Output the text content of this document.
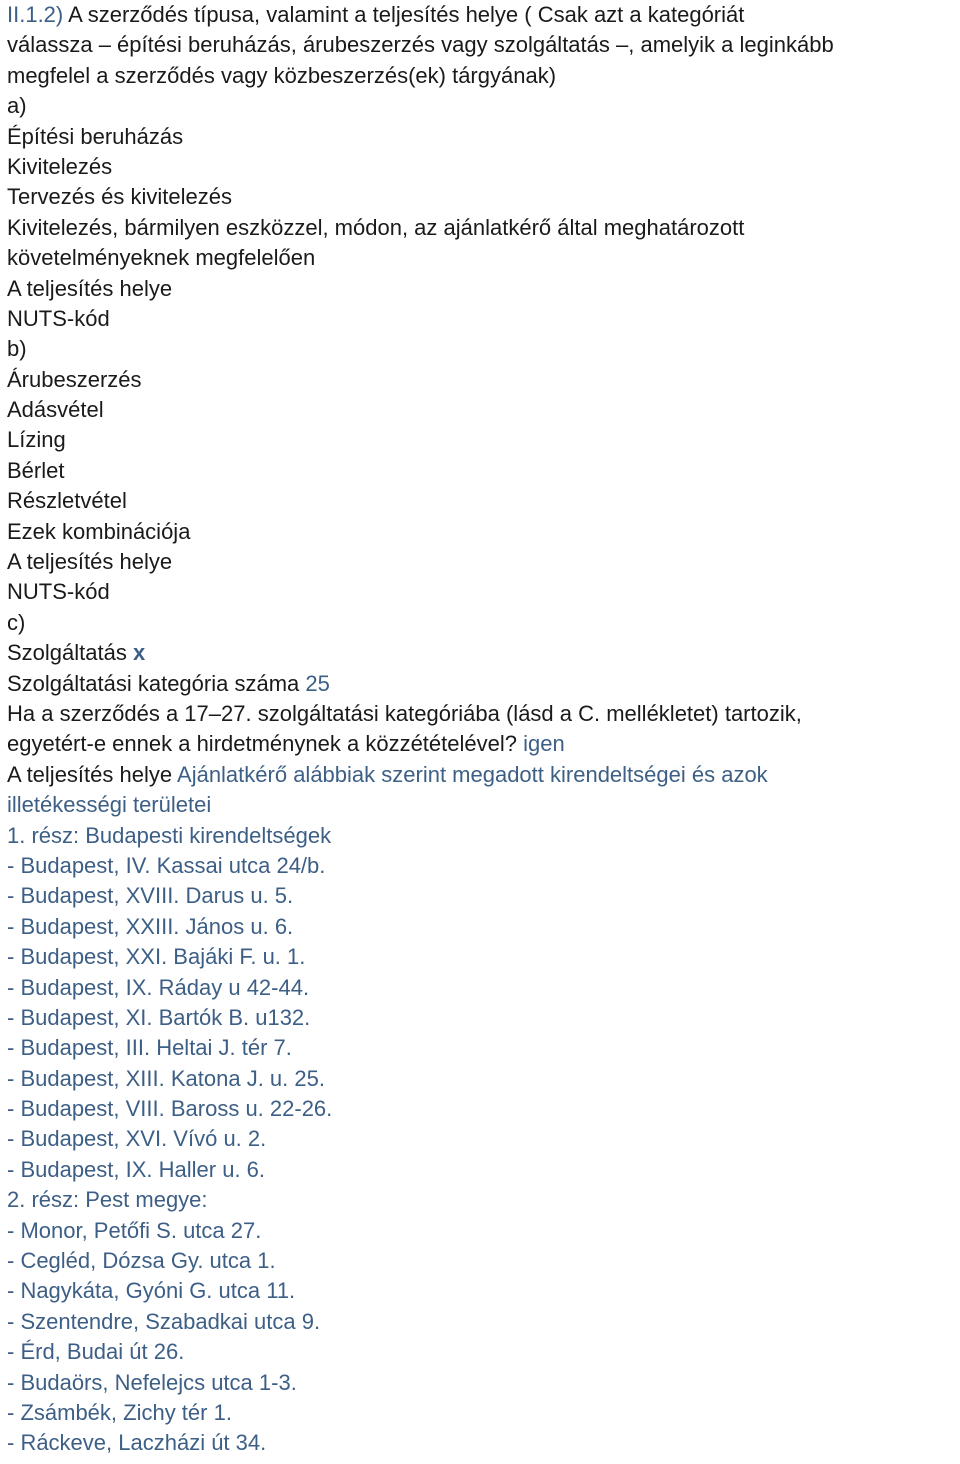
II.1.2) A szerződés típusa, valamint a teljesítés helye ( Csak azt a kategóriát
válassza – építési beruházás, árubeszerzés vagy szolgáltatás –, amelyik a leginkább
megfelel a szerződés vagy közbeszerzés(ek) tárgyának)
a)
Építési beruházás
Kivitelezés
Tervezés és kivitelezés
Kivitelezés, bármilyen eszközzel, módon, az ajánlatkérő által meghatározott
követelményeknek megfelelően
A teljesítés helye
NUTS-kód
b)
Árubeszerzés
Adásvétel
Lízing
Bérlet
Részletvétel
Ezek kombinációja
A teljesítés helye
NUTS-kód
c)
Szolgáltatás x
Szolgáltatási kategória száma 25
Ha a szerződés a 17–27. szolgáltatási kategóriába (lásd a C. mellékletet) tartozik,
egyetért-e ennek a hirdetménynek a közzétételével? igen
A teljesítés helye Ajánlatkérő alábbiak szerint megadott kirendeltségei és azok
illetékességi területei
1. rész: Budapesti kirendeltségek
- Budapest, IV. Kassai utca 24/b.
- Budapest, XVIII. Darus u. 5.
- Budapest, XXIII. János u. 6.
- Budapest, XXI. Bajáki F. u. 1.
- Budapest, IX. Ráday u 42-44.
- Budapest, XI. Bartók B. u132.
- Budapest, III. Heltai J. tér 7.
- Budapest, XIII. Katona J. u. 25.
- Budapest, VIII. Baross u. 22-26.
- Budapest, XVI. Vívó u. 2.
- Budapest, IX. Haller u. 6.
2. rész: Pest megye:
- Monor, Petőfi S. utca 27.
- Cegléd, Dózsa Gy. utca 1.
- Nagykáta, Gyóni G. utca 11.
- Szentendre, Szabadkai utca 9.
- Érd, Budai út 26.
- Budaörs, Nefelejcs utca 1-3.
- Zsámbék, Zichy tér 1.
- Ráckeve, Laczházi út 34.
